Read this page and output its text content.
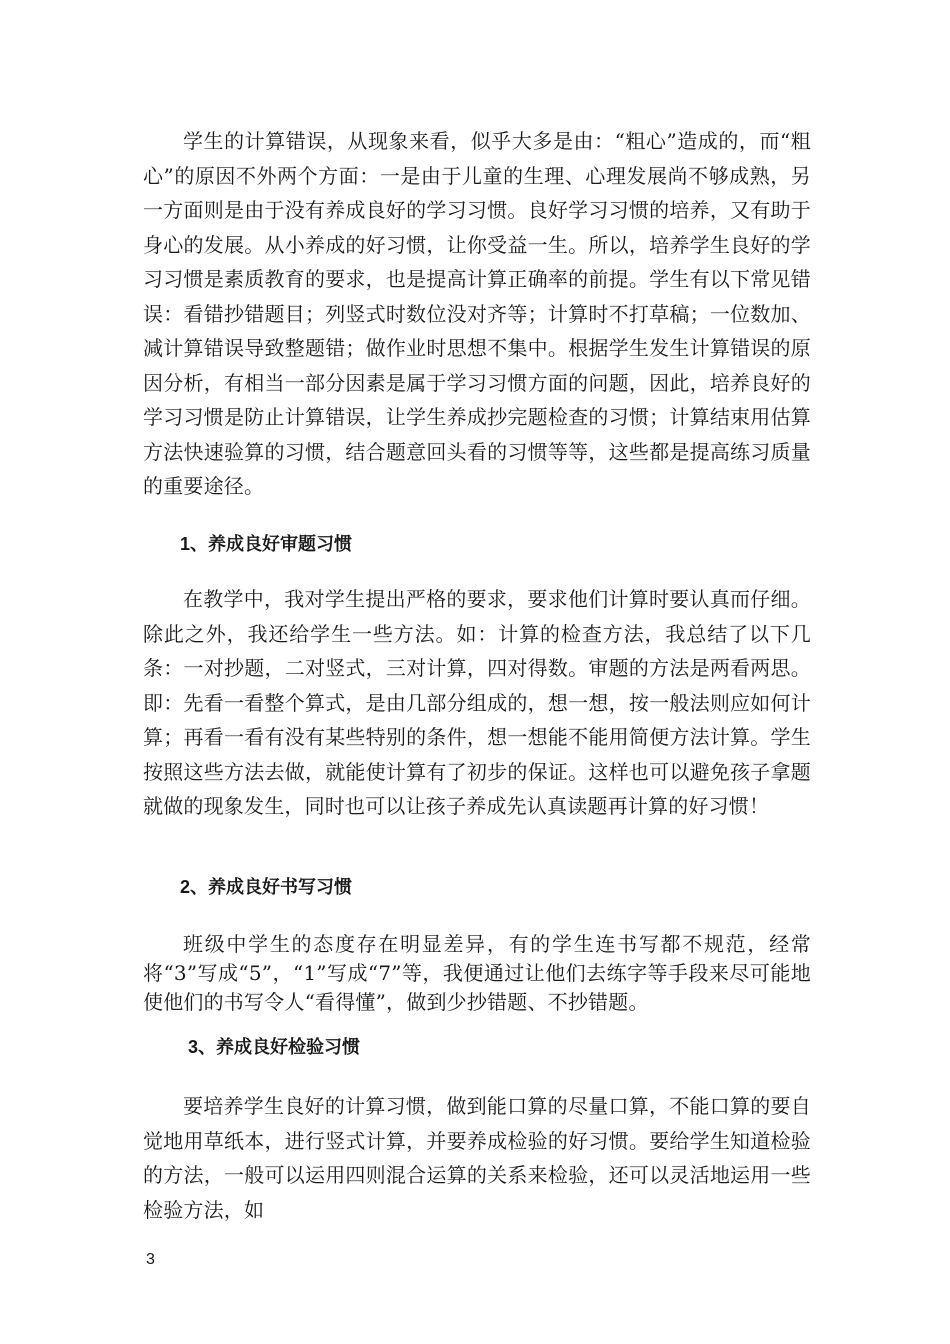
学生的计算错误，从现象来看，似乎大多是由：“粗心”造成的，而“粗心”的原因不外两个方面：一是由于儿童的生理、心理发展尚不够成熟，另一方面则是由于没有养成良好的学习习惯。良好学习习惯的培养，又有助于身心的发展。从小养成的好习惯，让你受益一生。所以，培养学生良好的学习习惯是素质教育的要求，也是提高计算正确率的前提。学生有以下常见错误：看错抄错题目；列竖式时数位没对齐等；计算时不打草稿；一位数加、减计算错误导致整题错；做作业时思想不集中。根据学生发生计算错误的原因分析，有相当一部分因素是属于学习习惯方面的问题，因此，培养良好的学习习惯是防止计算错误，让学生养成抄完题检查的习惯；计算结束用估算方法快速验算的习惯，结合题意回头看的习惯等等，这些都是提高练习质量的重要途径。

1、养成良好审题习惯

在教学中，我对学生提出严格的要求，要求他们计算时要认真而仔细。除此之外，我还给学生一些方法。如：计算的检查方法，我总结了以下几条：一对抄题，二对竖式，三对计算，四对得数。审题的方法是两看两思。即：先看一看整个算式，是由几部分组成的，想一想，按一般法则应如何计算；再看一看有没有某些特别的条件，想一想能不能用简便方法计算。学生按照这些方法去做，就能使计算有了初步的保证。这样也可以避免孩子拿题就做的现象发生，同时也可以让孩子养成先认真读题再计算的好习惯！

2、养成良好书写习惯

班级中学生的态度存在明显差异，有的学生连书写都不规范，经常将“3”写成“5”，“1”写成“7”等，我便通过让他们去练字等手段来尽可能地使他们的书写令人“看得懂”，做到少抄错题、不抄错题。

3、养成良好检验习惯

要培养学生良好的计算习惯，做到能口算的尽量口算，不能口算的要自觉地用草纸本，进行竖式计算，并要养成检验的好习惯。要给学生知道检验的方法，一般可以运用四则混合运算的关系来检验，还可以灵活地运用一些检验方法，如

3
